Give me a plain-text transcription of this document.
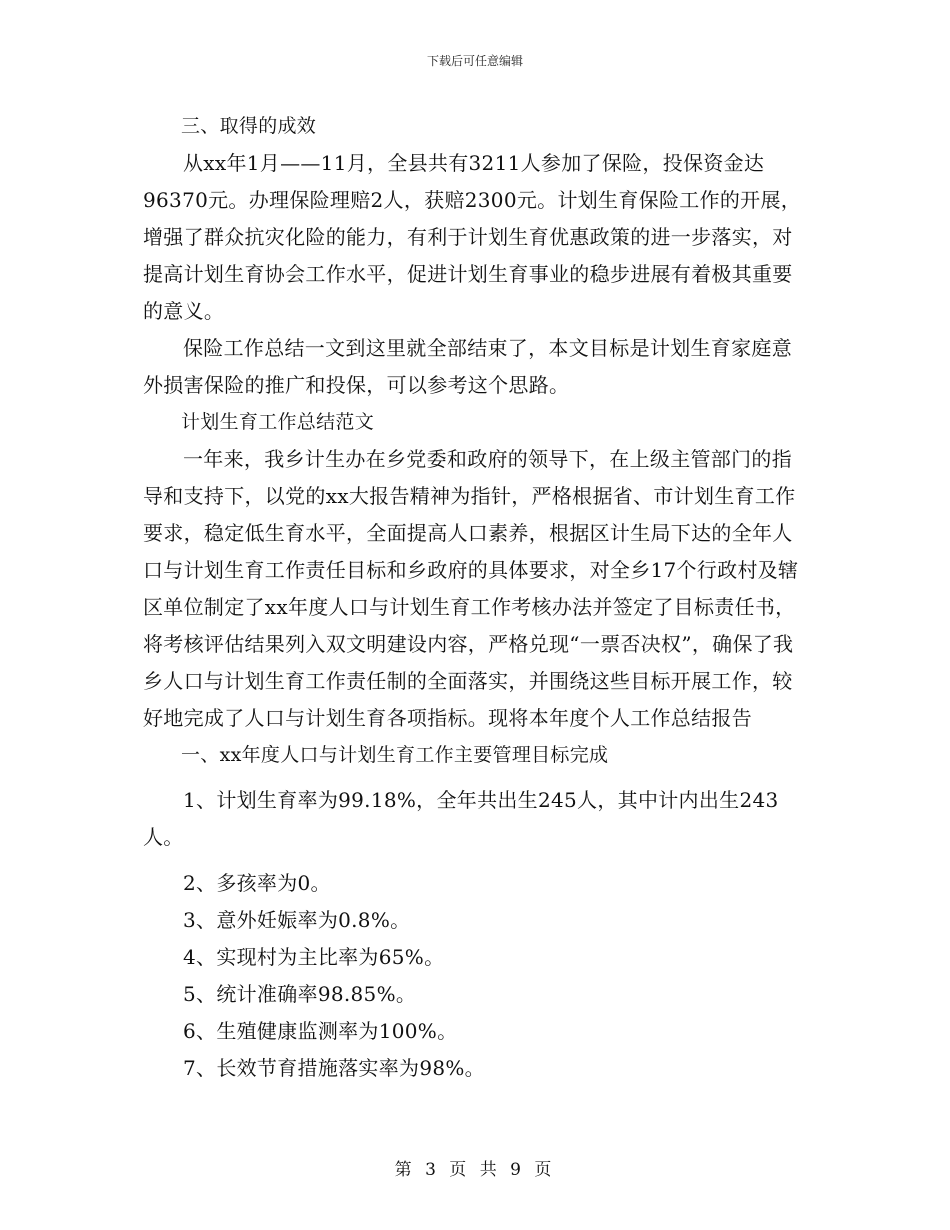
下载后可任意编辑

三、取得的成效

从xx年1月——11月，全县共有3211人参加了保险，投保资金达96370元。办理保险理赔2人，获赔2300元。计划生育保险工作的开展，增强了群众抗灾化险的能力，有利于计划生育优惠政策的进一步落实，对提高计划生育协会工作水平，促进计划生育事业的稳步进展有着极其重要的意义。

保险工作总结一文到这里就全部结束了，本文目标是计划生育家庭意外损害保险的推广和投保，可以参考这个思路。

计划生育工作总结范文

一年来，我乡计生办在乡党委和政府的领导下，在上级主管部门的指导和支持下，以党的xx大报告精神为指针，严格根据省、市计划生育工作要求，稳定低生育水平，全面提高人口素养，根据区计生局下达的全年人口与计划生育工作责任目标和乡政府的具体要求，对全乡17个行政村及辖区单位制定了xx年度人口与计划生育工作考核办法并签定了目标责任书，将考核评估结果列入双文明建设内容，严格兑现“一票否决权”，确保了我乡人口与计划生育工作责任制的全面落实，并围绕这些目标开展工作，较好地完成了人口与计划生育各项指标。现将本年度个人工作总结报告

一、xx年度人口与计划生育工作主要管理目标完成

1、计划生育率为99.18%，全年共出生245人，其中计内出生243人。

2、多孩率为0。

3、意外妊娠率为0.8%。

4、实现村为主比率为65%。

5、统计准确率98.85%。

6、生殖健康监测率为100%。

7、长效节育措施落实率为98%。

第 3 页 共 9 页
